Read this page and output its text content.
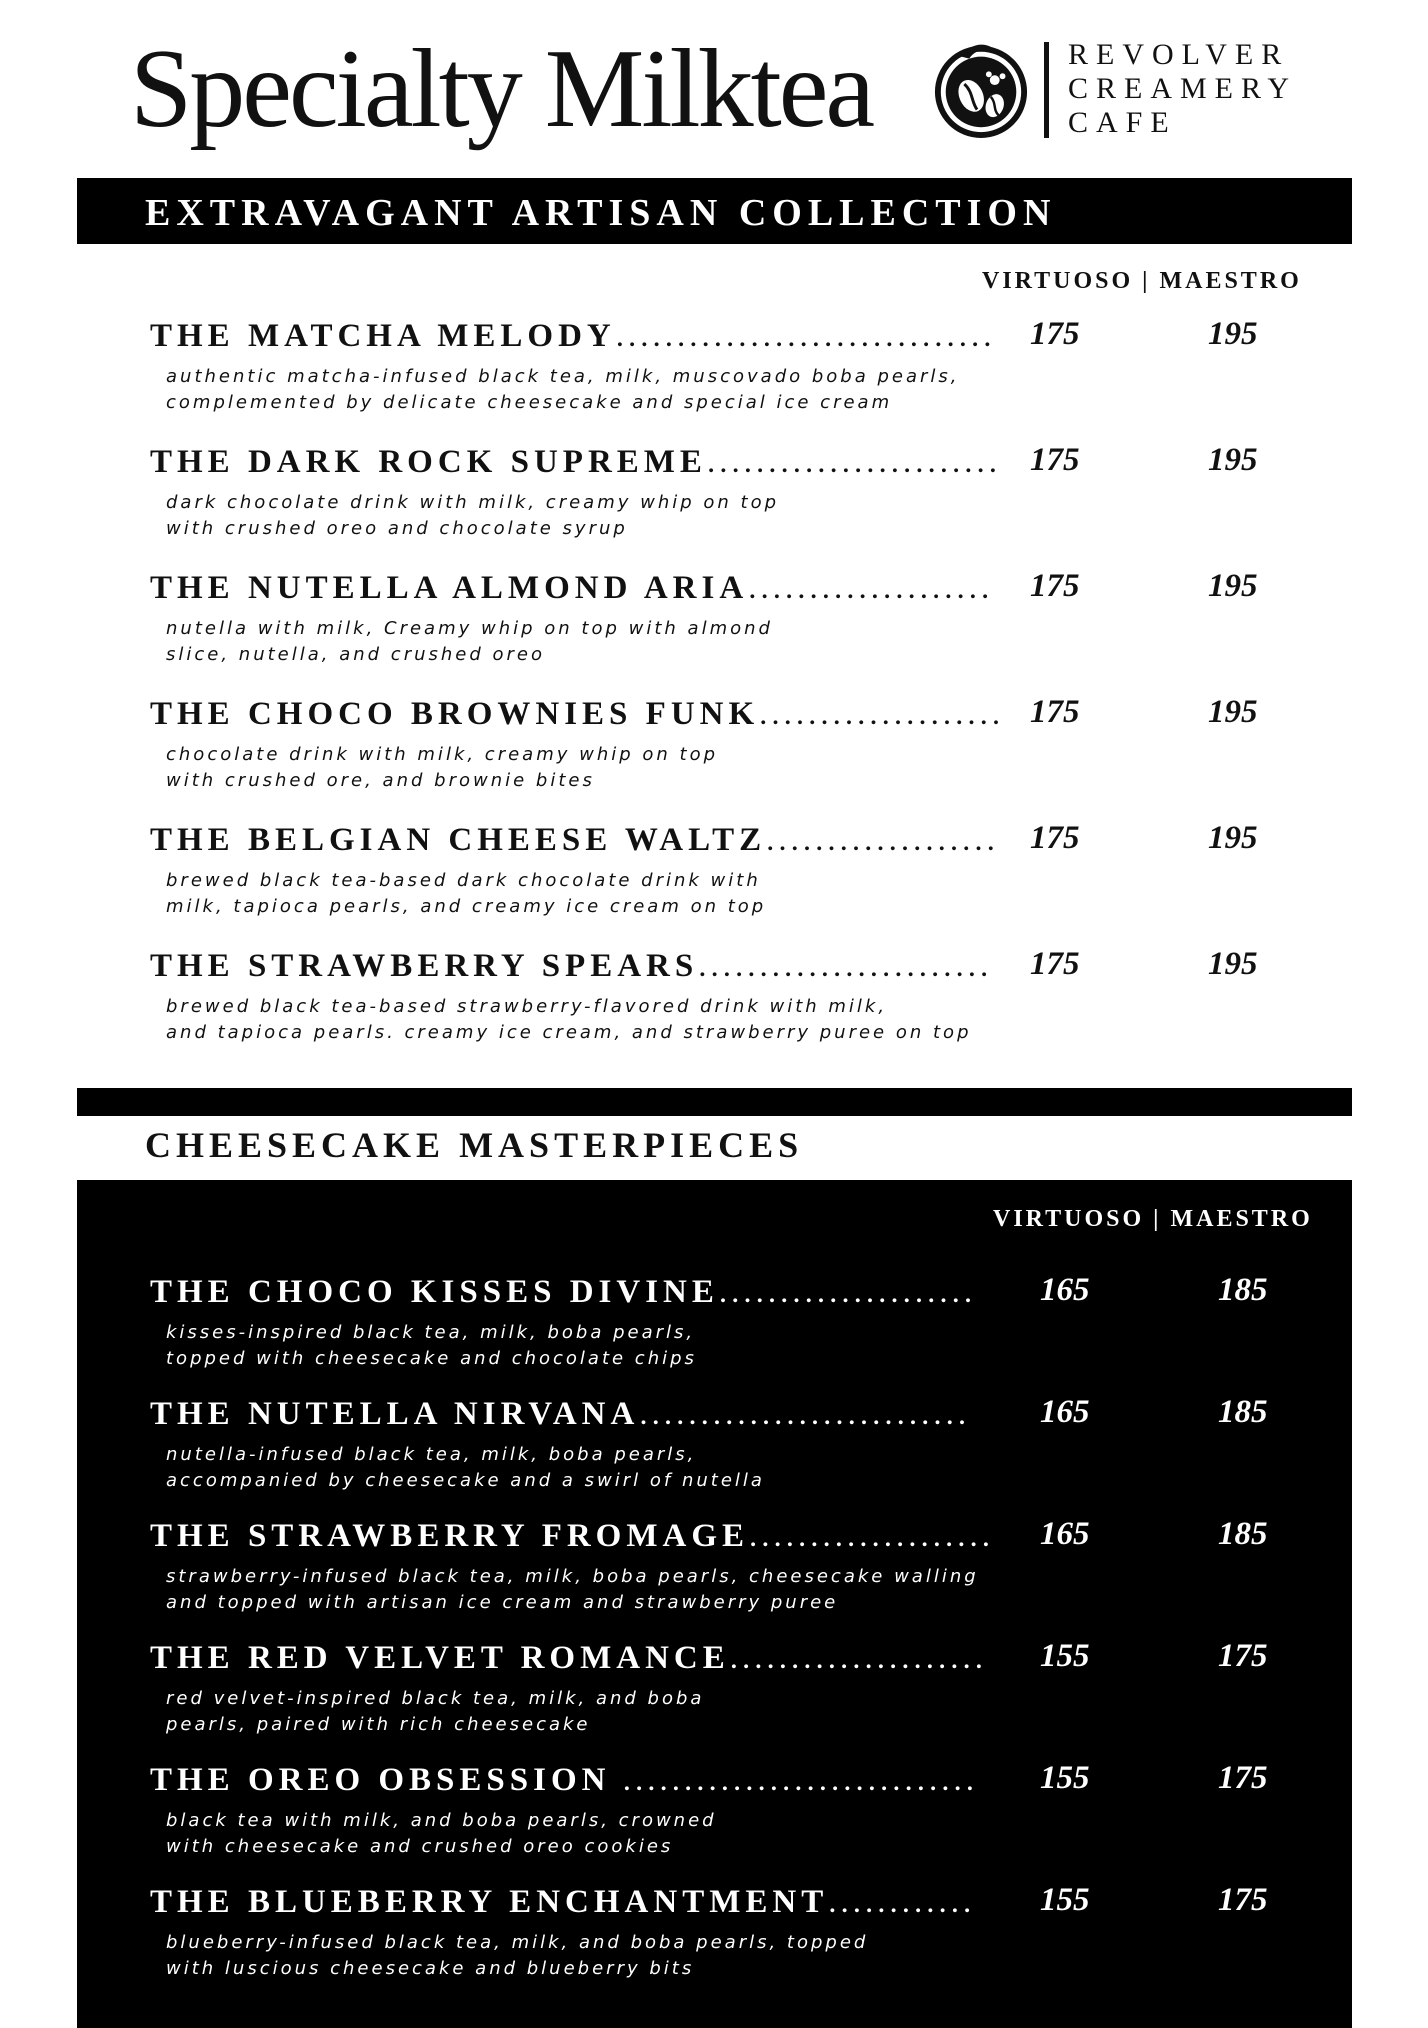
Specialty Milktea	REVOLVER
CREAMERY
CAFE
EXTRAVAGANT ARTISAN COLLECTION
VIRTUOSO | MAESTRO
THE MATCHA MELODY...............................	175	195
authentic matcha-infused black tea, milk, muscovado boba pearls,
complemented by delicate cheesecake and special ice cream
THE DARK ROCK SUPREME........................ 175	195
dark chocolate drink with milk, creamy whip on top
with crushed oreo and chocolate syrup
THE NUTELLA ALMOND ARIA....................	175	195
nutella with milk, Creamy whip on top with almond
slice, nutella, and crushed oreo
THE CHOCO BROWNIES FUNK.................... 175	195
chocolate drink with milk, creamy whip on top
with crushed ore, and brownie bites
THE BELGIAN CHEESE WALTZ................... 175	195
brewed black tea-based dark chocolate drink with
milk, tapioca pearls, and creamy ice cream on top
THE STRAWBERRY SPEARS........................	175	195
brewed black tea-based strawberry-flavored drink with milk,
and tapioca pearls. creamy ice cream, and strawberry puree on top
CHEESECAKE MASTERPIECES
VIRTUOSO | MAESTRO
THE CHOCO KISSES DIVINE.....................	165	185
kisses-inspired black tea, milk, boba pearls,
topped with cheesecake and chocolate chips
THE NUTELLA NIRVANA...........................	165	185
nutella-infused black tea, milk, boba pearls,
accompanied by cheesecake and a swirl of nutella
THE STRAWBERRY FROMAGE....................	165	185
strawberry-infused black tea, milk, boba pearls, cheesecake walling
and topped with artisan ice cream and strawberry puree
THE RED VELVET ROMANCE.....................	155	175
red velvet-inspired black tea, milk, and boba
pearls, paired with rich cheesecake
THE OREO OBSESSION .............................	155	175
black tea with milk, and boba pearls, crowned
with cheesecake and crushed oreo cookies
THE BLUEBERRY ENCHANTMENT............	155	175
blueberry-infused black tea, milk, and boba pearls, topped
with luscious cheesecake and blueberry bits
